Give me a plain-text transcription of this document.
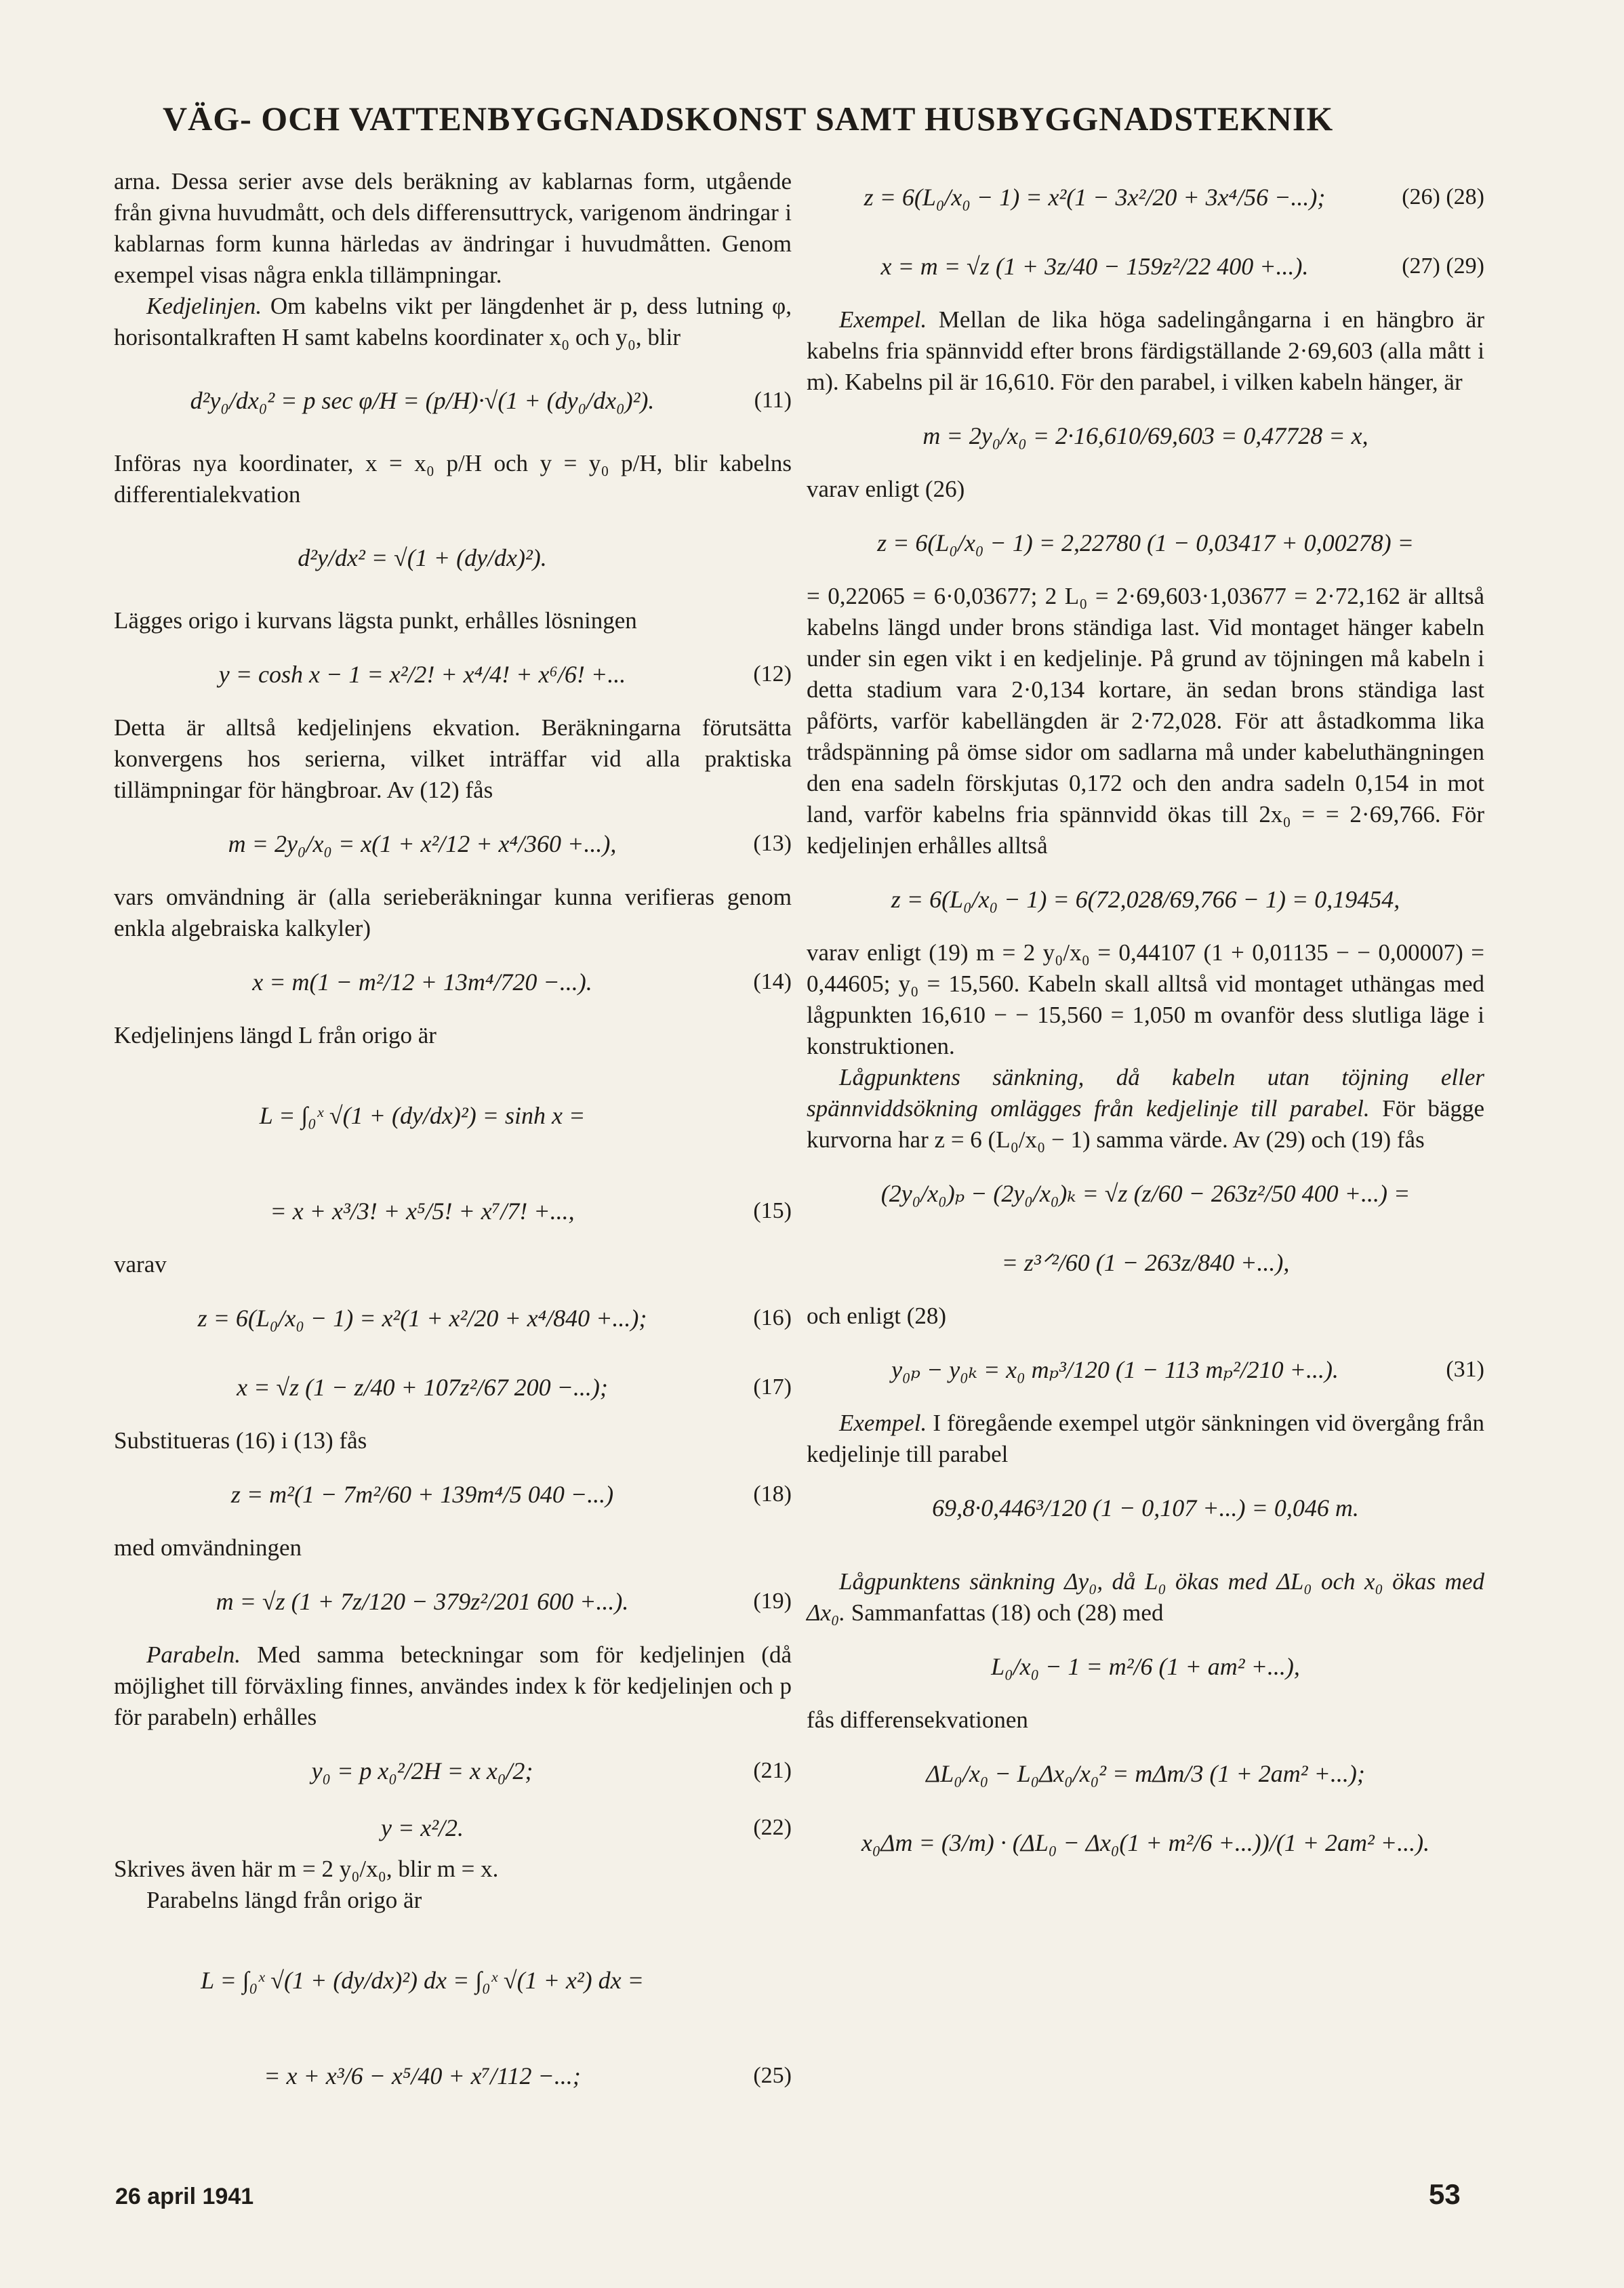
VÄG- OCH VATTENBYGGNADSKONST SAMT HUSBYGGNADSTEKNIK

arna. Dessa serier avse dels beräkning av kablarnas form, utgående från givna huvudmått, och dels differensuttryck, varigenom ändringar i kablarnas form kunna härledas av ändringar i huvudmåtten. Genom exempel visas några enkla tillämpningar.

Kedjelinjen. Om kabelns vikt per längdenhet är p, dess lutning φ, horisontalkraften H samt kabelns koordinater x₀ och y₀, blir

d²y₀/dx₀² = p sec φ/H = (p/H)·√(1 + (dy₀/dx₀)²).	(11)

Införas nya koordinater, x = x₀ p/H och y = y₀ p/H, blir kabelns differentialekvation

d²y/dx² = √(1 + (dy/dx)²).

Lägges origo i kurvans lägsta punkt, erhålles lösningen

y = cosh x − 1 = x²/2! + x⁴/4! + x⁶/6! +...	(12)

Detta är alltså kedjelinjens ekvation. Beräkningarna förutsätta konvergens hos serierna, vilket inträffar vid alla praktiska tillämpningar för hängbroar. Av (12) fås

m = 2y₀/x₀ = x(1 + x²/12 + x⁴/360 +...),	(13)

vars omvändning är (alla serieberäkningar kunna verifieras genom enkla algebraiska kalkyler)

x = m(1 − m²/12 + 13m⁴/720 −...).	(14)

Kedjelinjens längd L från origo är

L = ∫₀ˣ √(1 + (dy/dx)²) = sinh x =
= x + x³/3! + x⁵/5! + x⁷/7! +...,	(15)

varav

z = 6(L₀/x₀ − 1) = x²(1 + x²/20 + x⁴/840 +...);	(16)
x = √z (1 − z/40 + 107z²/67 200 −...);	(17)

Substitueras (16) i (13) fås

z = m²(1 − 7m²/60 + 139m⁴/5 040 −...)	(18)

med omvändningen

m = √z (1 + 7z/120 − 379z²/201 600 +...).	(19)

Parabeln. Med samma beteckningar som för kedjelinjen (då möjlighet till förväxling finnes, användes index k för kedjelinjen och p för parabeln) erhålles

y₀ = p x₀²/2H = x x₀/2;	(21)
y = x²/2.	(22)

Skrives även här m = 2 y₀/x₀, blir m = x.

Parabelns längd från origo är

L = ∫₀ˣ √(1 + (dy/dx)²) dx = ∫₀ˣ √(1 + x²) dx =
= x + x³/6 − x⁵/40 + x⁷/112 −...;	(25)
z = 6(L₀/x₀ − 1) = x²(1 − 3x²/20 + 3x⁴/56 −...);	(26) (28)
x = m = √z (1 + 3z/40 − 159z²/22 400 +...).	(27) (29)

Exempel. Mellan de lika höga sadelingångarna i en hängbro är kabelns fria spännvidd efter brons färdigställande 2·69,603 (alla mått i m). Kabelns pil är 16,610. För den parabel, i vilken kabeln hänger, är

m = 2y₀/x₀ = 2·16,610/69,603 = 0,47728 = x,

varav enligt (26)

z = 6(L₀/x₀ − 1) = 2,22780 (1 − 0,03417 + 0,00278) =

= 0,22065 = 6·0,03677; 2 L₀ = 2·69,603·1,03677 = 2·72,162 är alltså kabelns längd under brons ständiga last. Vid montaget hänger kabeln under sin egen vikt i en kedjelinje. På grund av töjningen må kabeln i detta stadium vara 2·0,134 kortare, än sedan brons ständiga last påförts, varför kabellängden är 2·72,028. För att åstadkomma lika trådspänning på ömse sidor om sadlarna må under kabeluthängningen den ena sadeln förskjutas 0,172 och den andra sadeln 0,154 in mot land, varför kabelns fria spännvidd ökas till 2x₀ = = 2·69,766. För kedjelinjen erhålles alltså

z = 6(L₀/x₀ − 1) = 6(72,028/69,766 − 1) = 0,19454,

varav enligt (19) m = 2 y₀/x₀ = 0,44107 (1 + 0,01135 − − 0,00007) = 0,44605; y₀ = 15,560. Kabeln skall alltså vid montaget uthängas med lågpunkten 16,610 − − 15,560 = 1,050 m ovanför dess slutliga läge i konstruktionen.

Lågpunktens sänkning, då kabeln utan töjning eller spännviddsökning omlägges från kedjelinje till parabel. För bägge kurvorna har z = 6 (L₀/x₀ − 1) samma värde. Av (29) och (19) fås

(2y₀/x₀)ₚ − (2y₀/x₀)ₖ = √z (z/60 − 263z²/50 400 +...) =
= z³ᐟ²/60 (1 − 263z/840 +...),

och enligt (28)

y₀ₚ − y₀ₖ = x₀ mₚ³/120 (1 − 113 mₚ²/210 +...).	(31)

Exempel. I föregående exempel utgör sänkningen vid övergång från kedjelinje till parabel

69,8·0,446³/120 (1 − 0,107 +...) = 0,046 m.

Lågpunktens sänkning Δy₀, då L₀ ökas med ΔL₀ och x₀ ökas med Δx₀. Sammanfattas (18) och (28) med

L₀/x₀ − 1 = m²/6 (1 + am² +...),

fås differensekvationen

ΔL₀/x₀ − L₀Δx₀/x₀² = mΔm/3 (1 + 2am² +...);
x₀Δm = (3/m) · (ΔL₀ − Δx₀(1 + m²/6 +...))/(1 + 2am² +...).
26 april 1941	53
